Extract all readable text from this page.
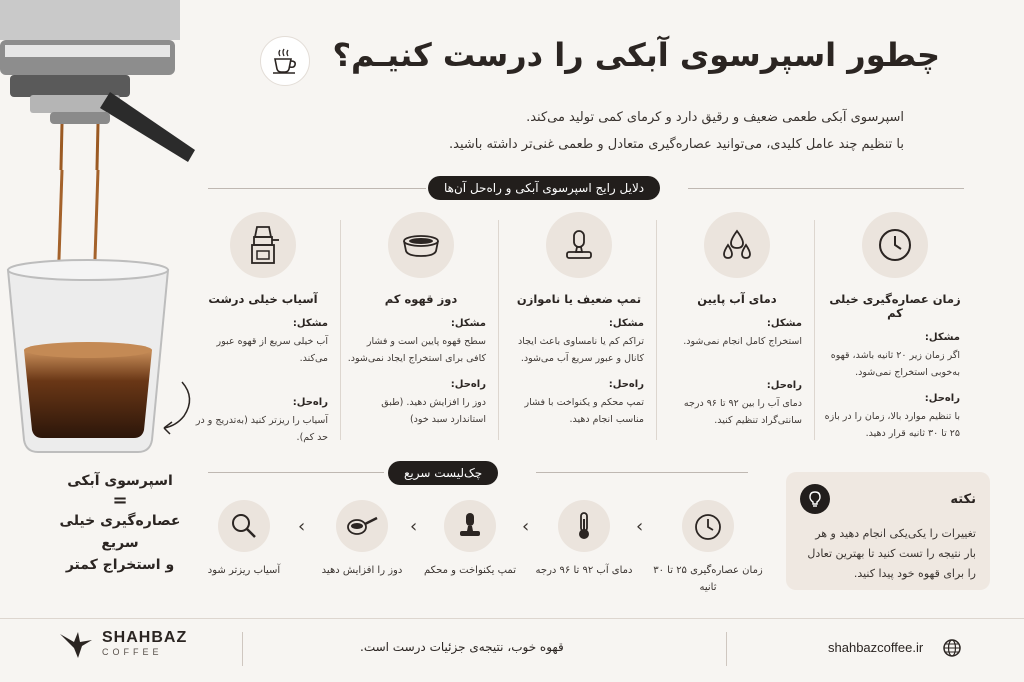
اسپرسوی آبکی
=
عصاره‌گیری خیلی سریع
و استخراج کمتر
چطور اسپرسوی آبکی را درست کنیـم؟
اسپرسوی آبکی طعمی ضعیف و رقیق دارد و کرمای کمی تولید می‌کند.
با تنظیم چند عامل کلیدی، می‌توانید عصاره‌گیری متعادل و طعمی غنی‌تر داشته باشید.
دلایل رایج اسپرسوی آبکی و راه‌حل آن‌ها
زمان عصاره‌گیری خیلی کم
مشکل:
اگر زمان زیر ۲۰ ثانیه باشد، قهوه به‌خوبی استخراج نمی‌شود.
راه‌حل:
با تنظیم موارد بالا، زمان را در بازه ۲۵ تا ۳۰ ثانیه قرار دهید.
دمای آب پایین
مشکل:
استخراج کامل انجام نمی‌شود.
راه‌حل:
دمای آب را بین ۹۲ تا ۹۶ درجه سانتی‌گراد تنظیم کنید.
تمپ ضعیف یا ناموازن
مشکل:
تراکم کم یا نامساوی باعث ایجاد کانال و عبور سریع آب می‌شود.
راه‌حل:
تمپ محکم و یکنواخت با فشار مناسب انجام دهید.
دوز قهوه کم
مشکل:
سطح قهوه پایین است و فشار کافی برای استخراج ایجاد نمی‌شود.
راه‌حل:
دوز را افزایش دهید. (طبق استاندارد سبد خود)
آسیاب خیلی درشت
مشکل:
آب خیلی سریع از قهوه عبور می‌کند.
راه‌حل:
آسیاب را ریزتر کنید (به‌تدریج و در حد کم).
چک‌لیست سریع
زمان عصاره‌گیری ۲۵ تا ۳۰ ثانیه
‹
دمای آب ۹۲ تا ۹۶ درجه
‹
تمپ یکنواخت و محکم
‹
دوز را افزایش دهید
‹
آسیاب ریزتر شود
نکته
تغییرات را یکی‌یکی انجام دهید و هر بار نتیجه را تست کنید تا بهترین تعادل را برای قهوه خود پیدا کنید.
SHAHBAZ
COFFEE	قهوه خوب، نتیجه‌ی جزئیات درست است.	shahbazcoffee.ir
